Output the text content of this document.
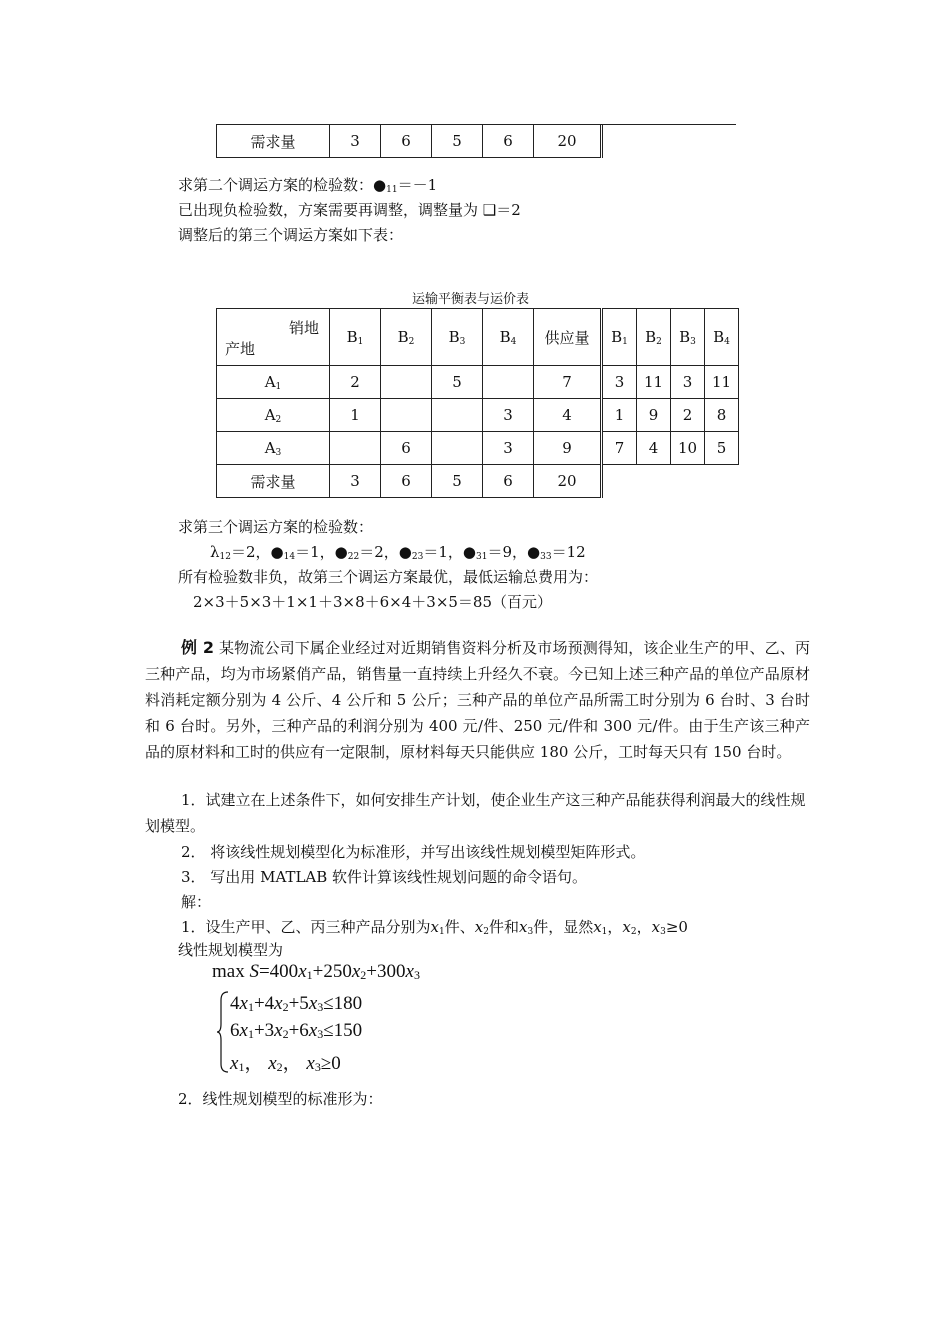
需求量	3	6	5	6	20
求第二个调运方案的检验数：$●_{11}=-1$
已出现负检验数，方案需要再调整，调整量为 ❑＝2
调整后的第三个调运方案如下表：
运输平衡表与运价表
销地
产地	$B_1$	$B_2$	$B_3$	$B_4$	供应量	$B_1$	$B_2$	$B_3$	$B_4$
$A_1$	2		5		7	3	11	3	11
$A_2$	1			3	4	1	9	2	8
$A_3$		6		3	9	7	4	10	5
需求量	3	6	5	6	20				
求第三个调运方案的检验数：
$\lambda_{12}=2$，$●_{14}=1$，$●_{22}=2$，$●_{23}=1$，$●_{31}=9$，$●_{33}=12$
所有检验数非负，故第三个调运方案最优，最低运输总费用为：
2×3＋5×3＋1×1＋3×8＋6×4＋3×5＝85（百元）
例 2 某物流公司下属企业经过对近期销售资料分析及市场预测得知，该企业生产的甲、乙、丙三种产品，均为市场紧俏产品，销售量一直持续上升经久不衰。今已知上述三种产品的单位产品原材料消耗定额分别为 4 公斤、4 公斤和 5 公斤；三种产品的单位产品所需工时分别为 6 台时、3 台时和 6 台时。另外，三种产品的利润分别为 400 元/件、250 元/件和 300 元/件。由于生产该三种产品的原材料和工时的供应有一定限制，原材料每天只能供应 180 公斤，工时每天只有 150 台时。
1．试建立在上述条件下，如何安排生产计划，使企业生产这三种产品能获得利润最大的线性规划模型。
2． 将该线性规划模型化为标准形，并写出该线性规划模型矩阵形式。
3． 写出用 MATLAB 软件计算该线性规划问题的命令语句。
解：
1．设生产甲、乙、丙三种产品分别为$x_1$件、$x_2$件和$x_3$件，显然$x_1$，$x_2$，$x_3\ge 0$
线性规划模型为
$\max S=400x_1+250x_2+300x_3$
$4x_1+4x_2+5x_3\le 180$
$6x_1+3x_2+6x_3\le 150$
$x_1$， $x_2$， $x_3\ge 0$
2．线性规划模型的标准形为：
